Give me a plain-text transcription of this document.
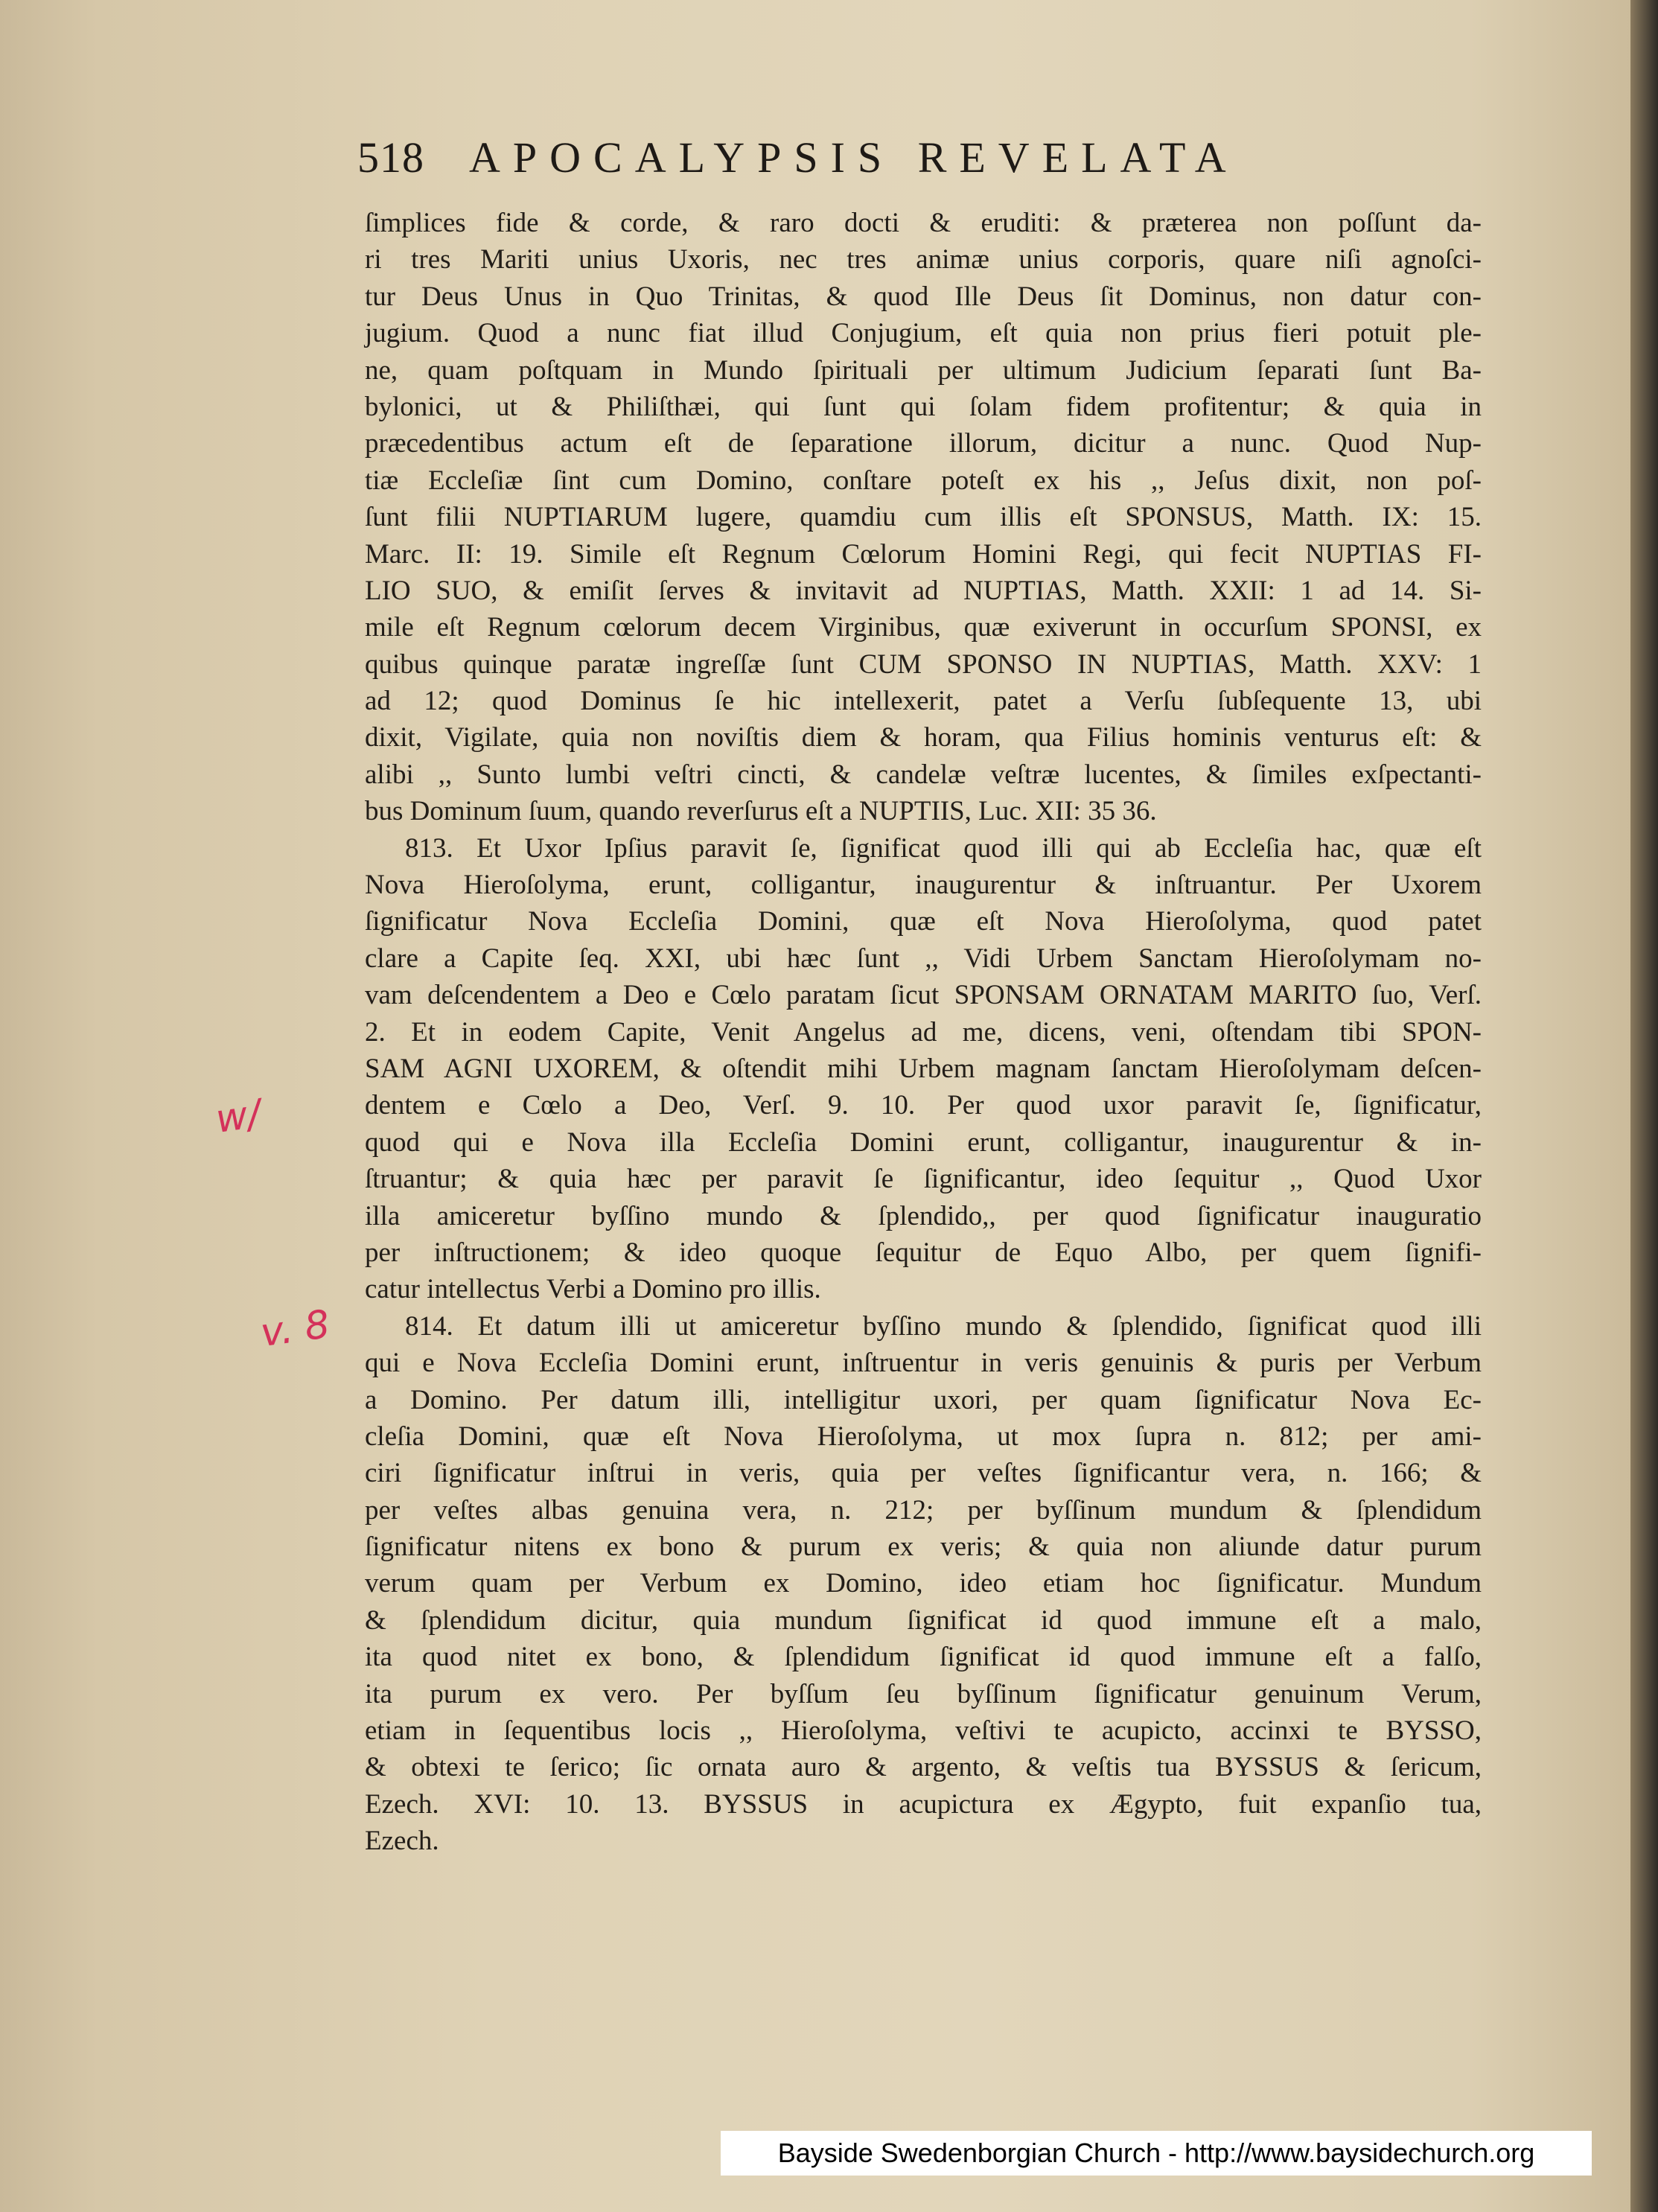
518 APOCALYPSIS REVELATA
ſimplices fide & corde, & raro docti & eruditi: & præterea non poſſunt da-
ri tres Mariti unius Uxoris, nec tres animæ unius corporis, quare niſi agnoſci-
tur Deus Unus in Quo Trinitas, & quod Ille Deus ſit Dominus, non datur con-
jugium. Quod a nunc fiat illud Conjugium, eſt quia non prius fieri potuit ple-
ne, quam poſtquam in Mundo ſpirituali per ultimum Judicium ſeparati ſunt Ba-
bylonici, ut & Philiſthæi, qui ſunt qui ſolam fidem profitentur; & quia in
præcedentibus actum eſt de ſeparatione illorum, dicitur a nunc. Quod Nup-
tiæ Eccleſiæ ſint cum Domino, conſtare poteſt ex his ,, Jeſus dixit, non poſ-
ſunt filii NUPTIARUM lugere, quamdiu cum illis eſt SPONSUS, Matth. IX: 15.
Marc. II: 19. Simile eſt Regnum Cœlorum Homini Regi, qui fecit NUPTIAS FI-
LIO SUO, & emiſit ſerves & invitavit ad NUPTIAS, Matth. XXII: 1 ad 14. Si-
mile eſt Regnum cœlorum decem Virginibus, quæ exiverunt in occurſum SPONSI, ex
quibus quinque paratæ ingreſſæ ſunt CUM SPONSO IN NUPTIAS, Matth. XXV: 1
ad 12; quod Dominus ſe hic intellexerit, patet a Verſu ſubſequente 13, ubi
dixit, Vigilate, quia non noviſtis diem & horam, qua Filius hominis venturus eſt: &
alibi ,, Sunto lumbi veſtri cincti, & candelæ veſtræ lucentes, & ſimiles exſpectanti-
bus Dominum ſuum, quando reverſurus eſt a NUPTIIS, Luc. XII: 35 36.
813. Et Uxor Ipſius paravit ſe, ſignificat quod illi qui ab Eccleſia hac, quæ eſt
Nova Hieroſolyma, erunt, colligantur, inaugurentur & inſtruantur. Per Uxorem
ſignificatur Nova Eccleſia Domini, quæ eſt Nova Hieroſolyma, quod patet
clare a Capite ſeq. XXI, ubi hæc ſunt ,, Vidi Urbem Sanctam Hieroſolymam no-
vam deſcendentem a Deo e Cœlo paratam ſicut SPONSAM ORNATAM MARITO ſuo, Verſ.
2. Et in eodem Capite, Venit Angelus ad me, dicens, veni, oſtendam tibi SPON-
SAM AGNI UXOREM, & oſtendit mihi Urbem magnam ſanctam Hieroſolymam deſcen-
dentem e Cœlo a Deo, Verſ. 9. 10. Per quod uxor paravit ſe, ſignificatur,
quod qui e Nova illa Eccleſia Domini erunt, colligantur, inaugurentur & in-
ſtruantur; & quia hæc per paravit ſe ſignificantur, ideo ſequitur ,, Quod Uxor
illa amiceretur byſſino mundo & ſplendido,, per quod ſignificatur inauguratio
per inſtructionem; & ideo quoque ſequitur de Equo Albo, per quem ſignifi-
catur intellectus Verbi a Domino pro illis.
814. Et datum illi ut amiceretur byſſino mundo & ſplendido, ſignificat quod illi
qui e Nova Eccleſia Domini erunt, inſtruentur in veris genuinis & puris per Verbum
a Domino. Per datum illi, intelligitur uxori, per quam ſignificatur Nova Ec-
cleſia Domini, quæ eſt Nova Hieroſolyma, ut mox ſupra n. 812; per ami-
ciri ſignificatur inſtrui in veris, quia per veſtes ſignificantur vera, n. 166; &
per veſtes albas genuina vera, n. 212; per byſſinum mundum & ſplendidum
ſignificatur nitens ex bono & purum ex veris; & quia non aliunde datur purum
verum quam per Verbum ex Domino, ideo etiam hoc ſignificatur. Mundum
& ſplendidum dicitur, quia mundum ſignificat id quod immune eſt a malo,
ita quod nitet ex bono, & ſplendidum ſignificat id quod immune eſt a falſo,
ita purum ex vero. Per byſſum ſeu byſſinum ſignificatur genuinum Verum,
etiam in ſequentibus locis ,, Hieroſolyma, veſtivi te acupicto, accinxi te BYSSO,
& obtexi te ſerico; ſic ornata auro & argento, & veſtis tua BYSSUS & ſericum,
Ezech. XVI: 10. 13. BYSSUS in acupictura ex Ægypto, fuit expanſio tua,
Ezech.
w/
v. 8
Bayside Swedenborgian Church - http://www.baysidechurch.org
